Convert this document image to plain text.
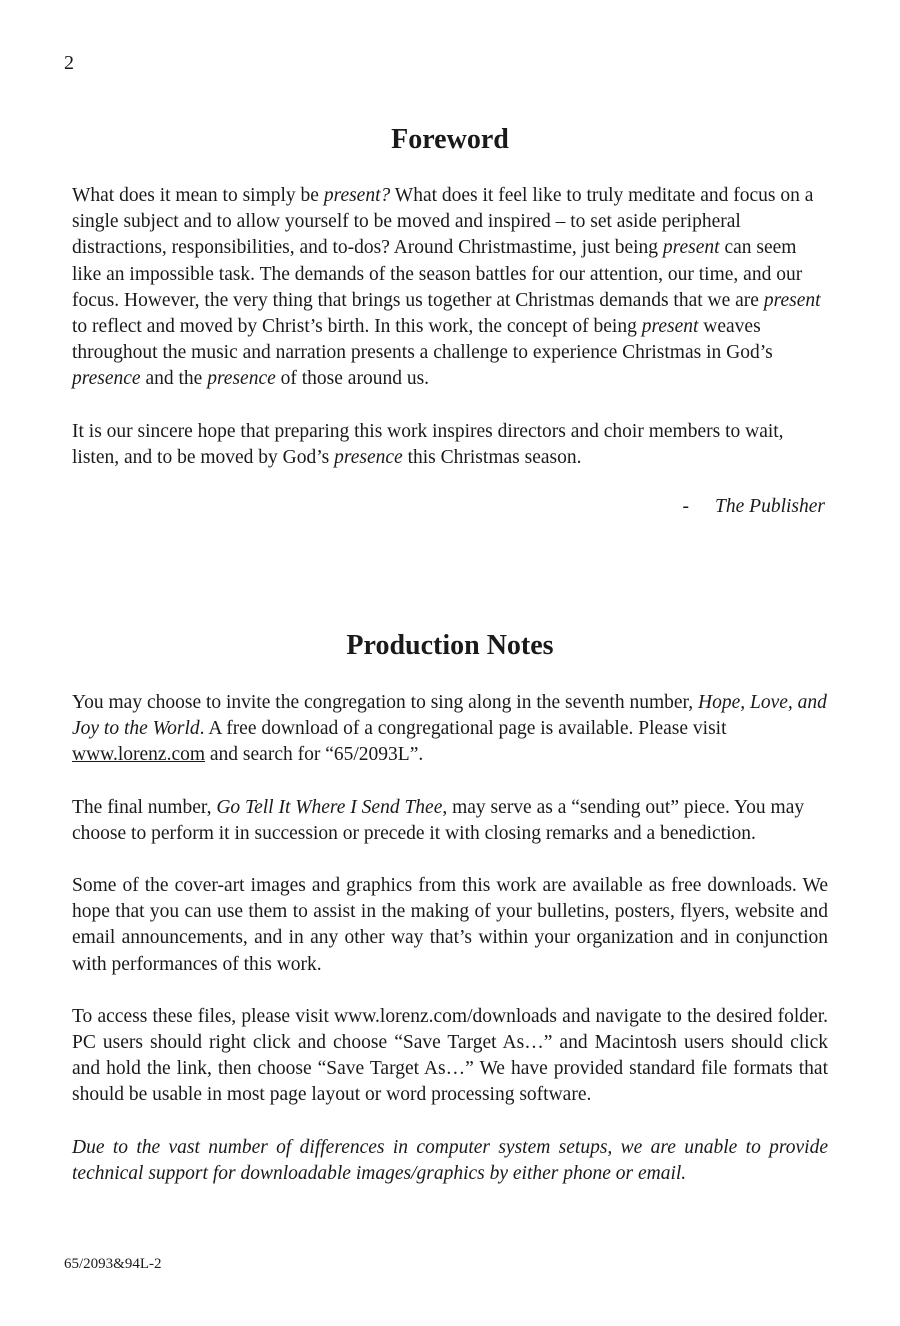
2
Foreword

What does it mean to simply be present? What does it feel like to truly meditate and focus on a single subject and to allow yourself to be moved and inspired – to set aside peripheral distractions, responsibilities, and to-dos? Around Christmastime, just being present can seem like an impossible task. The demands of the season battles for our attention, our time, and our focus. However, the very thing that brings us together at Christmas demands that we are present to reflect and moved by Christ’s birth. In this work, the concept of being present weaves throughout the music and narration presents a challenge to experience Christmas in God’s presence and the presence of those around us.

It is our sincere hope that preparing this work inspires directors and choir members to wait, listen, and to be moved by God’s presence this Christmas season.

- The Publisher
Production Notes

You may choose to invite the congregation to sing along in the seventh number, Hope, Love, and Joy to the World. A free download of a congregational page is available. Please visit www.lorenz.com and search for “65/2093L”.

The final number, Go Tell It Where I Send Thee, may serve as a “sending out” piece. You may choose to perform it in succession or precede it with closing remarks and a benediction.

Some of the cover-art images and graphics from this work are available as free downloads. We hope that you can use them to assist in the making of your bulletins, posters, flyers, website and email announcements, and in any other way that’s within your organization and in conjunction with performances of this work.

To access these files, please visit www.lorenz.com/downloads and navigate to the desired folder. PC users should right click and choose “Save Target As…” and Macintosh users should click and hold the link, then choose “Save Target As…” We have provided standard file formats that should be usable in most page layout or word processing software.

Due to the vast number of differences in computer system setups, we are unable to provide technical support for downloadable images/graphics by either phone or email.

65/2093&94L-2
